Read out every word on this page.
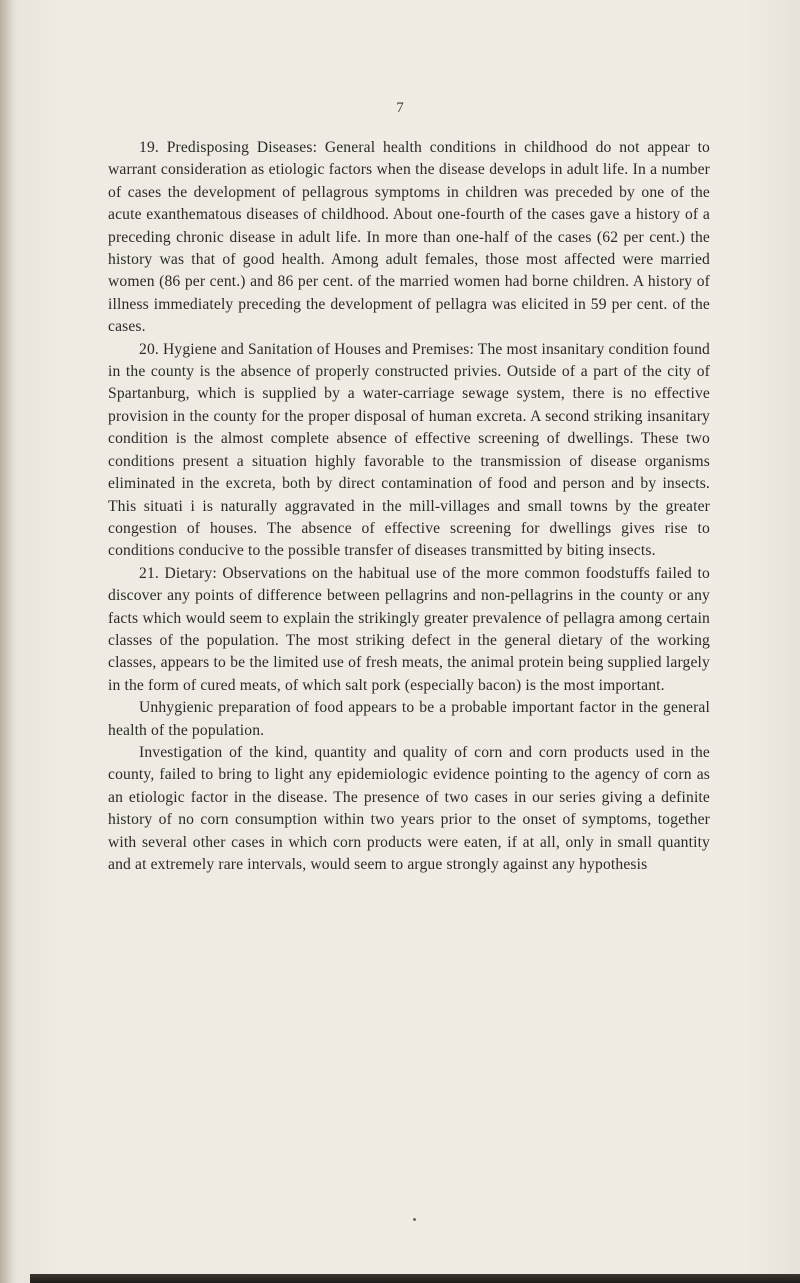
7

19. Predisposing Diseases: General health conditions in childhood do not appear to warrant consideration as etiologic factors when the disease develops in adult life. In a number of cases the development of pellagrous symptoms in children was preceded by one of the acute exanthematous diseases of childhood. About one-fourth of the cases gave a history of a preceding chronic disease in adult life. In more than one-half of the cases (62 per cent.) the history was that of good health. Among adult females, those most affected were married women (86 per cent.) and 86 per cent. of the married women had borne children. A history of illness immediately preceding the development of pellagra was elicited in 59 per cent. of the cases.

20. Hygiene and Sanitation of Houses and Premises: The most insanitary condition found in the county is the absence of properly constructed privies. Outside of a part of the city of Spartanburg, which is supplied by a water-carriage sewage system, there is no effective provision in the county for the proper disposal of human excreta. A second striking insanitary condition is the almost complete absence of effective screening of dwellings. These two conditions present a situation highly favorable to the transmission of disease organisms eliminated in the excreta, both by direct contamination of food and person and by insects. This situati i is naturally aggravated in the mill-villages and small towns by the greater congestion of houses. The absence of effective screening for dwellings gives rise to conditions conducive to the possible transfer of diseases transmitted by biting insects.

21. Dietary: Observations on the habitual use of the more common foodstuffs failed to discover any points of difference between pellagrins and non-pellagrins in the county or any facts which would seem to explain the strikingly greater prevalence of pellagra among certain classes of the population. The most striking defect in the general dietary of the working classes, appears to be the limited use of fresh meats, the animal protein being supplied largely in the form of cured meats, of which salt pork (especially bacon) is the most important.

Unhygienic preparation of food appears to be a probable important factor in the general health of the population.

Investigation of the kind, quantity and quality of corn and corn products used in the county, failed to bring to light any epidemiologic evidence pointing to the agency of corn as an etiologic factor in the disease. The presence of two cases in our series giving a definite history of no corn consumption within two years prior to the onset of symptoms, together with several other cases in which corn products were eaten, if at all, only in small quantity and at extremely rare intervals, would seem to argue strongly against any hypothesis
